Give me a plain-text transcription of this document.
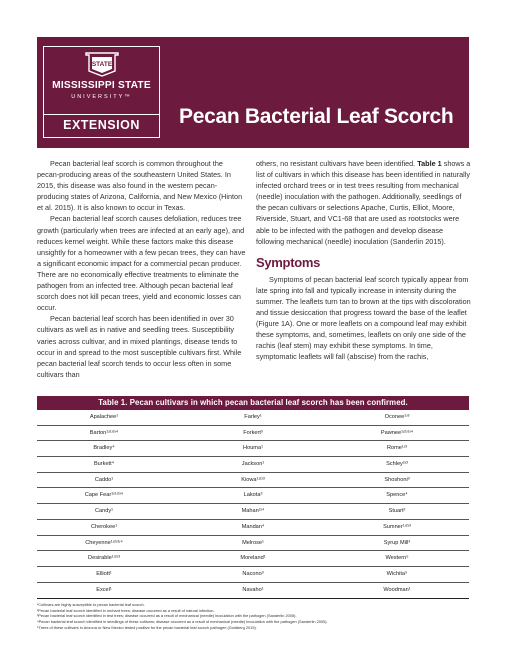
STATE
MISSISSIPPI STATE
UNIVERSITY™
EXTENSION	Pecan Bacterial Leaf Scorch

Pecan bacterial leaf scorch is common throughout the pecan-producing areas of the southeastern United States. In 2015, this disease was also found in the western pecan-producing states of Arizona, California, and New Mexico (Hinton et al. 2015). It is also known to occur in Texas.

Pecan bacterial leaf scorch causes defoliation, reduces tree growth (particularly when trees are infected at an early age), and reduces kernel weight. While these factors make this disease unsightly for a homeowner with a few pecan trees, they can have a significant economic impact for a commercial pecan producer. There are no economically effective treatments to eliminate the pathogen from an infected tree. Although pecan bacterial leaf scorch does not kill pecan trees, yield and economic losses can occur.

Pecan bacterial leaf scorch has been identified in over 30 cultivars as well as in native and seedling trees. Susceptibility varies across cultivar, and in mixed plantings, disease tends to occur in and spread to the most susceptible cultivars first. While pecan bacterial leaf scorch tends to occur less often in some cultivars than

others, no resistant cultivars have been identified. Table 1 shows a list of cultivars in which this disease has been identified in naturally infected orchard trees or in test trees resulting from mechanical (needle) inoculation with the pathogen. Additionally, seedlings of the pecan cultivars or selections Apache, Curtis, Elliot, Moore, Riverside, Stuart, and VC1-68 that are used as rootstocks were able to be infected with the pathogen and develop disease following mechanical (needle) inoculation (Sanderlin 2015).

Symptoms

Symptoms of pecan bacterial leaf scorch typically appear from late spring into fall and typically increase in intensity during the summer. The leaflets turn tan to brown at the tips with discoloration and tissue desiccation that progress toward the base of the leaflet (Figure 1A). One or more leaflets on a compound leaf may exhibit these symptoms, and, sometimes, leaflets on only one side of the rachis (leaf stem) may exhibit these symptoms. In time, symptomatic leaflets will fall (abscise) from the rachis,

Table 1. Pecan cultivars in which pecan bacterial leaf scorch has been confirmed.
Apalachee¹
Barton¹ʴ²ʴ³ʴ⁴
Bradley⁴
Burkett⁴
Caddo¹
Cape Fear¹ʴ²ʴ³ʴ⁴
Candy¹
Cherokee¹
Cheyenne¹ʴ²ʴ³ʴ⁴
Desirable¹ʴ²ʴ³
Elliott¹
Excel¹
Farley¹
Forkert³
Houma¹
Jackson¹
Kiowa¹ʴ²ʴ³
Lakota³
Mahan²ʴ⁴
Mandan⁴
Melrose¹
Moreland¹
Nacono³
Navaho¹
Oconee¹ʴ³
Pawnee¹ʴ²ʴ³ʴ⁴
Rome¹ʴ³
Schley²ʴ³
Shoshoni³
Spence⁴
Stuart²
Sumner¹ʴ²ʴ³
Syrup Mill³
Western⁵
Wichita⁵
Woodman¹
¹Cultivars are highly susceptible to pecan bacterial leaf scorch.
²Pecan bacterial leaf scorch identified in orchard trees; disease occurred as a result of natural infection.
³Pecan bacterial leaf scorch identified in test trees; disease occurred as a result of mechanical (needle) inoculation with the pathogen (Sanderlin 2005).
⁴Pecan bacterial leaf scorch identified in seedlings of these cultivars; disease occurred as a result of mechanical (needle) inoculation with the pathogen (Sanderlin 2005).
⁵Trees of these cultivars in Arizona or New Mexico tested positive for the pecan bacterial leaf scorch pathogen (Goldberg 2015).
